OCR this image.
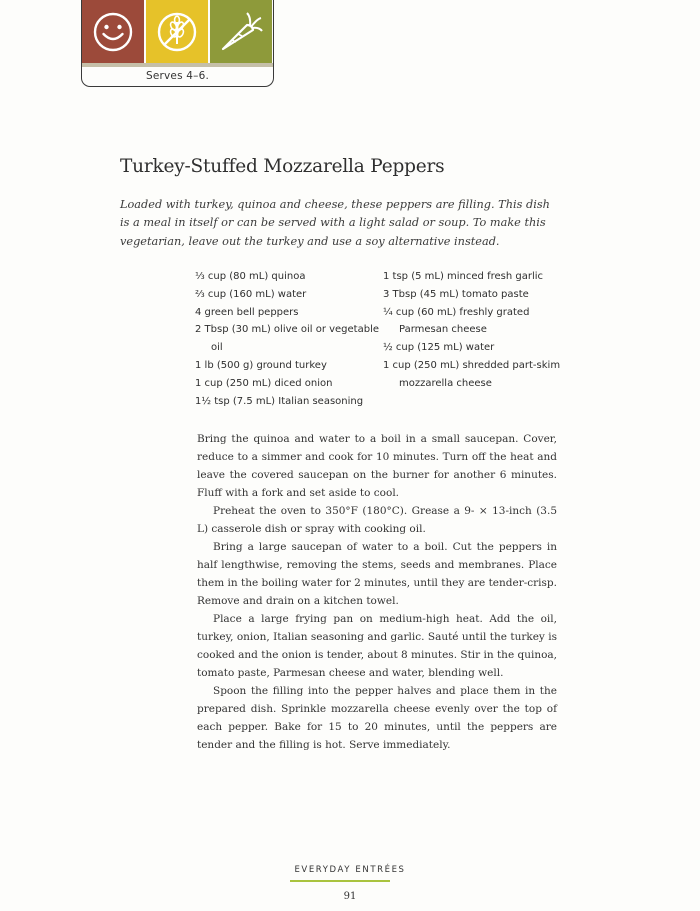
Serves 4–6.
Turkey-Stuffed Mozzarella Peppers

Loaded with turkey, quinoa and cheese, these peppers are filling. This dish is a meal in itself or can be served with a light salad or soup. To make this vegetarian, leave out the turkey and use a soy alternative instead.

⅓ cup (80 mL) quinoa
⅔ cup (160 mL) water
4 green bell peppers
2 Tbsp (30 mL) olive oil or vegetable oil
1 lb (500 g) ground turkey
1 cup (250 mL) diced onion
1½ tsp (7.5 mL) Italian seasoning
1 tsp (5 mL) minced fresh garlic
3 Tbsp (45 mL) tomato paste
¼ cup (60 mL) freshly grated Parmesan cheese
½ cup (125 mL) water
1 cup (250 mL) shredded part-skim mozzarella cheese

Bring the quinoa and water to a boil in a small saucepan. Cover, reduce to a simmer and cook for 10 minutes. Turn off the heat and leave the covered saucepan on the burner for another 6 minutes. Fluff with a fork and set aside to cool.

Preheat the oven to 350°F (180°C). Grease a 9- × 13-inch (3.5 L) casserole dish or spray with cooking oil.

Bring a large saucepan of water to a boil. Cut the peppers in half lengthwise, removing the stems, seeds and membranes. Place them in the boiling water for 2 minutes, until they are tender-crisp. Remove and drain on a kitchen towel.

Place a large frying pan on medium-high heat. Add the oil, turkey, onion, Italian seasoning and garlic. Sauté until the turkey is cooked and the onion is tender, about 8 minutes. Stir in the quinoa, tomato paste, Parmesan cheese and water, blending well.

Spoon the filling into the pepper halves and place them in the prepared dish. Sprinkle mozzarella cheese evenly over the top of each pepper. Bake for 15 to 20 minutes, until the peppers are tender and the filling is hot. Serve immediately.

EVERYDAY ENTRÉES
91
